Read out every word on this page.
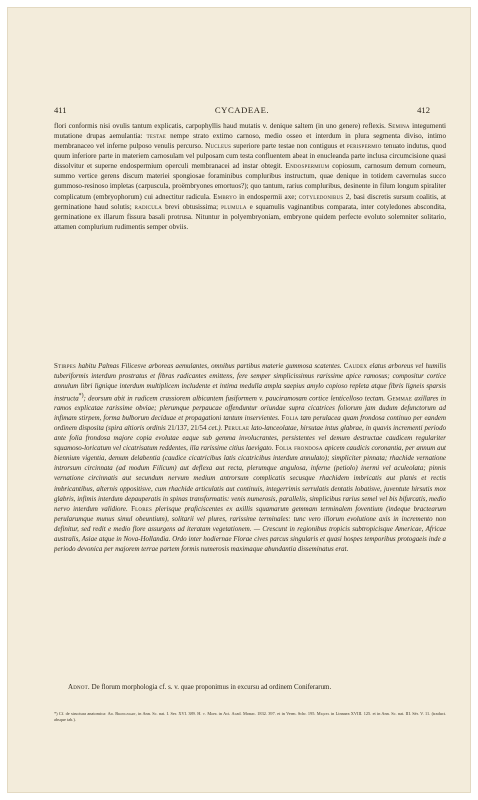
411	CYCADEAE.	412

flori conformis nisi ovulis tantum explicatis, carpophyllis haud mutatis v. denique saltem (in uno genere) reflexis. Semina integumenti mutatione drupas aemulantia: testae nempe strato extimo carnoso, medio osseo et interdum in plura segmenta diviso, intimo membranaceo vel inferne pulposo venulis percurso. Nucleus superiore parte testae non contiguus et perispermio tenuato indutus, quod quum inferiore parte in materiem carnosulam vel pulposam cum testa confluentem abeat in enucleanda parte inclusa circumcisione quasi dissolvitur et superne endospermium operculi membranacei ad instar obtegit. Endospermium copiosum, carnosum demum corneum, summo vertice gerens discum materiei spongiosae foraminibus compluribus instructum, quae denique in totidem cavernulas succo gummoso-resinoso impletas (carpuscula, proëmbryones emortuos?); quo tantum, rarius compluribus, desinente in filum longum spiraliter complicatum (embryophorum) cui adnectitur radicula. Embryo in endospermii axe; cotyledonibus 2, basi discretis sursum coalitis, at germinatione haud solutis; radicula brevi obtusissima; plumula e squamulis vaginantibus comparata, inter cotyledones abscondita, germinatione ex illarum fissura basali protrusa. Nituntur in polyembryoniam, embryone quidem perfecte evoluto solemniter solitario, attamen complurium rudimentis semper obviis.

Stirpes habitu Palmas Filicesve arboreas aemulantes, omnibus partibus materie gummosa scatentes. Caudex elatus arboreus vel humilis tuberiformis interdum prostratus et fibras radicantes emittens, fere semper simplicissimus rarissime apice ramosus; compositur cortice annulum libri lignique interdum multiplicem includente et intima medulla ampla saepius amylo copioso repleta atque fibris ligneis sparsis instructa*); deorsum abit in radicem crassiorem albicantem fusiformem v. pauciramosam cortice lenticelloso tectam. Gemmae axillares in ramos explicatae rarissime obviae; plerumque perpaucae offenduntur oriundae supra cicatrices foliorum jam dudum defunctorum ad infimam stirpem, forma bulborum deciduae et propagationi tantum inservientes. Folia tam perulacea quam frondosa continuo per eandem ordinem disposita (spira altioris ordinis 21/137, 21/54 cet.). Perulae lato-lanceolatae, hirsutae intus glabrae, in quavis incrementi periodo ante folia frondosa majore copia evolutae eaque sub gemma involucrantes, persistentes vel demum destructae caudicem regulariter squamoso-loricatum vel cicatrisatum reddentes, illa rarissime citius laevigato. Folia frondosa apicem caudicis coronantia, per annum aut biennium vigentia, demum delabentia (caudice cicatricibus latis cicatricibus interdum annulato); simpliciter pinnata; rhachide vernatione introrsum circinnata (ad modum Filicum) aut deflexa aut recta, plerumque angulosa, inferne (petiolo) inermi vel aculeolata; pinnis vernatione circinnatis aut secundum nervum medium antrorsum complicatis secusque rhachidem imbricatis aut planis et rectis imbricantibus, alternis oppositisve, cum rhachide articulatis aut continuis, integerrimis serrulatis dentatis lobatisve, juventute hirsutis mox glabris, infimis interdum depauperatis in spinas transformatis: venis numerosis, parallelis, simplicibus rarius semel vel bis bifurcatis, medio nervo interdum validiore. Flores plerisque praficiscentes ex axillis squamarum gemmam terminalem foventium (indeque bractearum perularumque munus simul obeuntium), solitarii vel plures, rarissime terminales: tunc vero illorum evolutione axis in incremento non definitur, sed redit e medio flore assurgens ad iteratam vegetationem. — Crescunt in regionibus tropicis subtropicisque Americae, Africae australis, Asiae atque in Nova-Hollandia. Ordo inter hodiernae Florae cives parcus singularis et quasi hospes temporibus protogaeis inde a periodo devonica per majorem terrae partem formis numerosis maximaque abundantia disseminatus erat.

Adnot. De florum morphologia cf. s. v. quae proponimus in excursu ad ordinem Coniferarum.

*) Cf. de structura anatomica: Ad. Brongniart, in Ann. Sc. nat. I. Ser. XVI. 389. H. v. Mohl in Act. Acad. Monac. 1832. 397. et in Verm. Schr. 195. Miquel in Linnaea XVIII. 125. et in Ann. Sc. nat. III. Sér. V. 11. (traduct. absque tab.).
